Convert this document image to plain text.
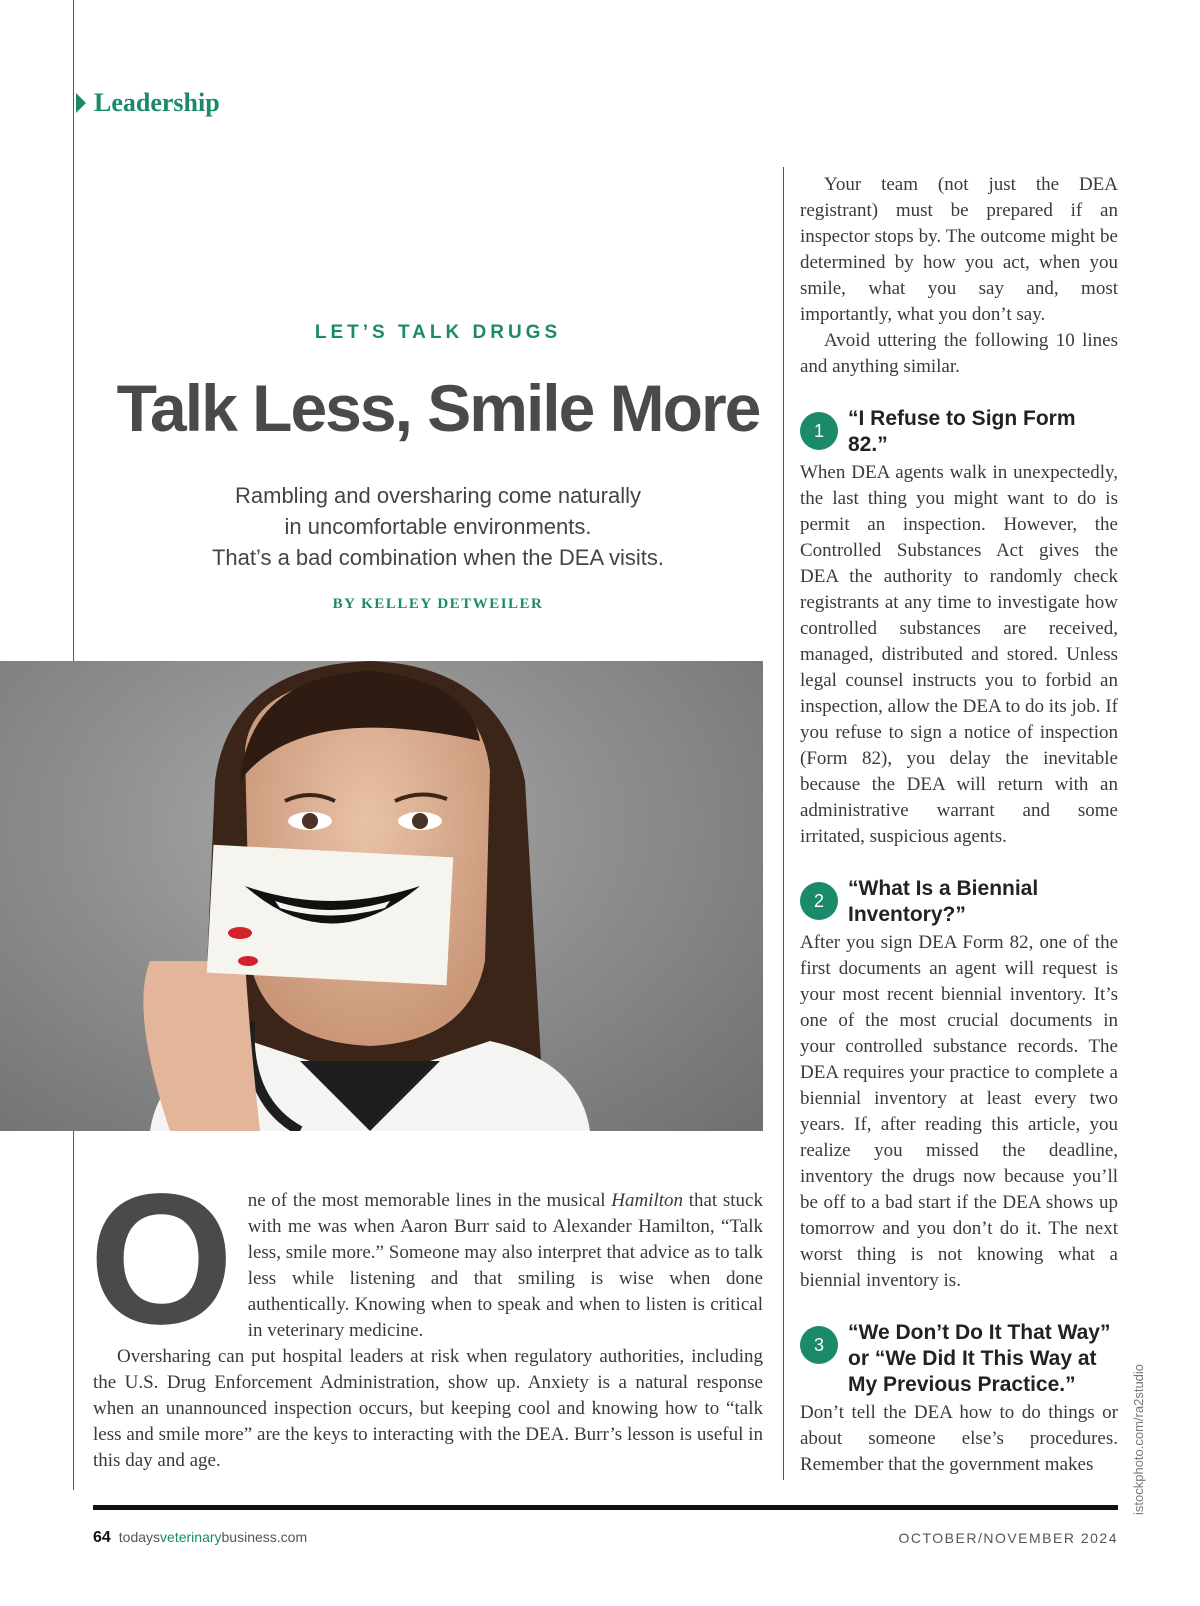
Leadership
LET’S TALK DRUGS
Talk Less, Smile More
Rambling and oversharing come naturally
in uncomfortable environments.
That’s a bad combination when the DEA visits.
BY KELLEY DETWEILER
O ne of the most memorable lines in the musical Hamilton that stuck with me was when Aaron Burr said to Alexander Hamilton, “Talk less, smile more.” Someone may also interpret that advice as to talk less while listening and that smiling is wise when done authentically. Knowing when to speak and when to listen is critical in veterinary medicine.

Oversharing can put hospital leaders at risk when regulatory authorities, including the U.S. Drug Enforcement Administration, show up. Anxiety is a natural response when an unannounced inspection occurs, but keeping cool and knowing how to “talk less and smile more” are the keys to interacting with the DEA. Burr’s lesson is useful in this day and age.

Your team (not just the DEA registrant) must be prepared if an inspector stops by. The outcome might be determined by how you act, when you smile, what you say and, most importantly, what you don’t say.

Avoid uttering the following 10 lines and anything similar.

1
“I Refuse to Sign Form 82.”

When DEA agents walk in unexpectedly, the last thing you might want to do is permit an inspection. However, the Controlled Substances Act gives the DEA the authority to randomly check registrants at any time to investigate how controlled substances are received, managed, distributed and stored. Unless legal counsel instructs you to forbid an inspection, allow the DEA to do its job. If you refuse to sign a notice of inspection (Form 82), you delay the inevitable because the DEA will return with an administrative warrant and some irritated, suspicious agents.

2
“What Is a Biennial Inventory?”

After you sign DEA Form 82, one of the first documents an agent will request is your most recent biennial inventory. It’s one of the most crucial documents in your controlled substance records. The DEA requires your practice to complete a biennial inventory at least every two years. If, after reading this article, you realize you missed the deadline, inventory the drugs now because you’ll be off to a bad start if the DEA shows up tomorrow and you don’t do it. The next worst thing is not knowing what a biennial inventory is.

3
“We Don’t Do It That Way” or “We Did It This Way at My Previous Practice.”

Don’t tell the DEA how to do things or about someone else’s procedures. Remember that the government makes	istockphoto.com/ra2studio
64 todaysveterinarybusiness.com	OCTOBER/NOVEMBER 2024
